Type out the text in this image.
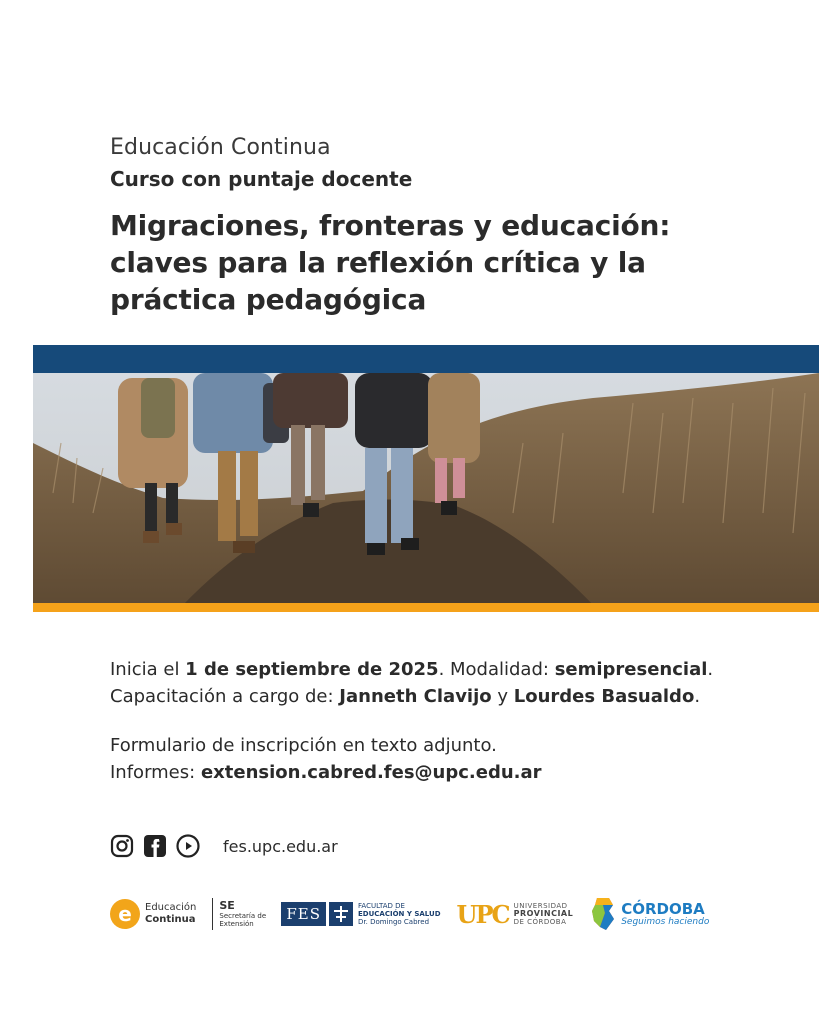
Educación Continua

Curso con puntaje docente

Migraciones, fronteras y educación: claves para la reflexión crítica y la práctica pedagógica

Inicia el 1 de septiembre de 2025. Modalidad: semipresencial.

Capacitación a cargo de: Janneth Clavijo y Lourdes Basualdo.

Formulario de inscripción en texto adjunto.

Informes: extension.cabred.fes@upc.edu.ar

fes.upc.edu.ar
e	Educación
Continua
SE
Secretaría de
Extensión
FES	FACULTAD DE
EDUCACIÓN Y SALUD
Dr. Domingo Cabred	UPC UNIVERSIDAD
PROVINCIAL
DE CÓRDOBA
CÓRDOBA
Seguimos haciendo
